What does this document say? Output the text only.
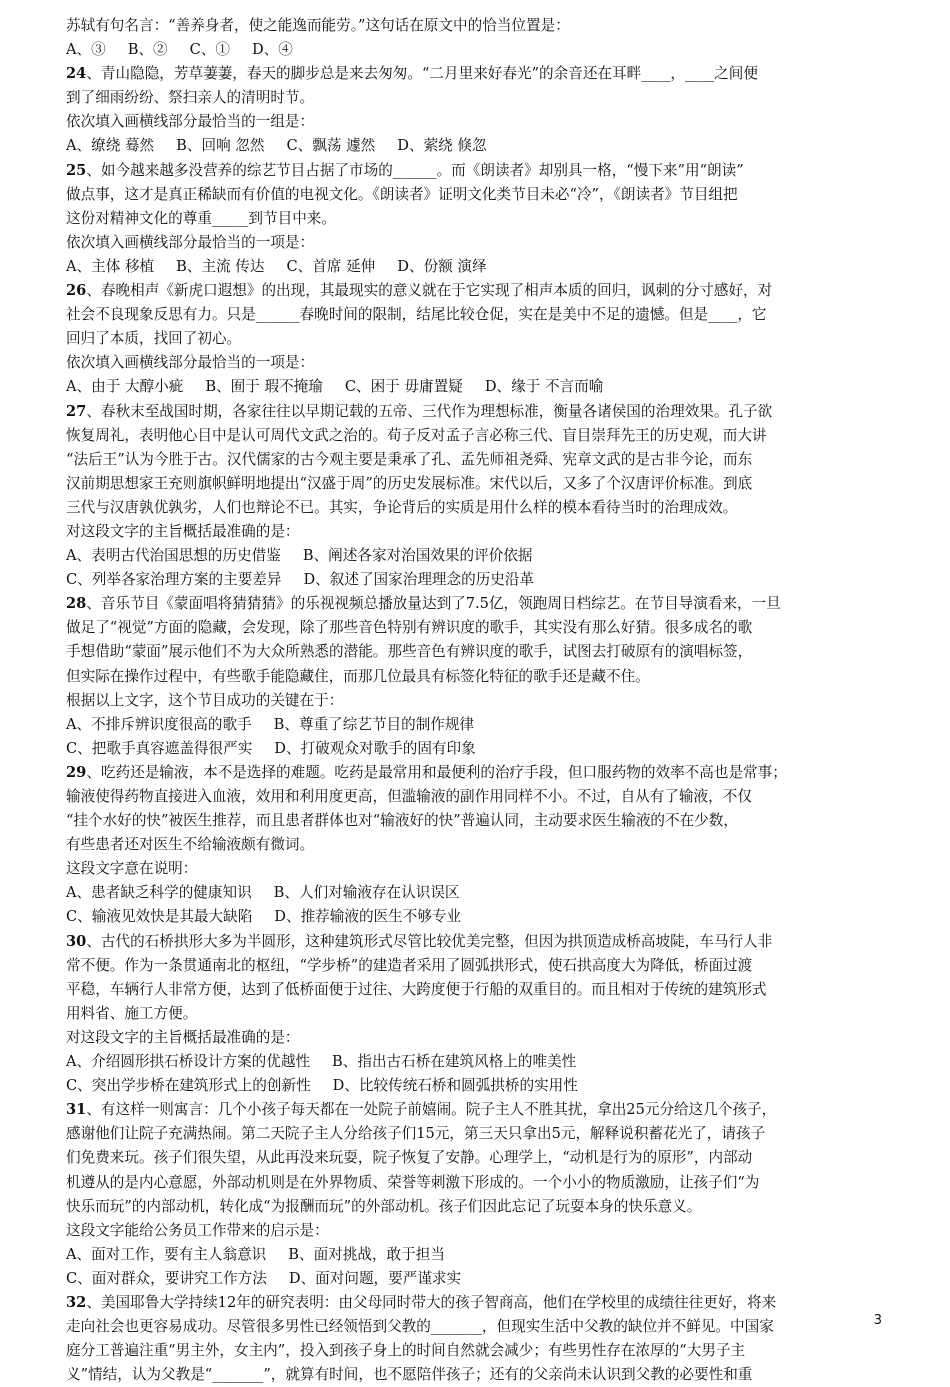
苏轼有句名言：“善养身者，使之能逸而能劳。”这句话在原文中的恰当位置是：
A、③ B、② C、① D、④
24、青山隐隐，芳草萋萋，春天的脚步总是来去匆匆。“二月里来好春光”的余音还在耳畔____，____之间便
到了细雨纷纷、祭扫亲人的清明时节。
依次填入画横线部分最恰当的一组是：
A、缭绕 蓦然 B、回响 忽然 C、飘荡 遽然 D、萦绕 倏忽
25、如今越来越多没营养的综艺节目占据了市场的______。而《朗读者》却别具一格，“慢下来”用“朗读”
做点事，这才是真正稀缺而有价值的电视文化。《朗读者》证明文化类节目未必“冷”，《朗读者》节目组把
这份对精神文化的尊重_____到节目中来。
依次填入画横线部分最恰当的一项是：
A、主体 移植 B、主流 传达 C、首席 延伸 D、份额 演绎
26、春晚相声《新虎口遐想》的出现，其最现实的意义就在于它实现了相声本质的回归，讽刺的分寸感好，对
社会不良现象反思有力。只是______春晚时间的限制，结尾比较仓促，实在是美中不足的遗憾。但是____，它
回归了本质，找回了初心。
依次填入画横线部分最恰当的一项是：
A、由于 大醇小疵 B、囿于 瑕不掩瑜 C、困于 毋庸置疑 D、缘于 不言而喻
27、春秋末至战国时期，各家往往以早期记载的五帝、三代作为理想标准，衡量各诸侯国的治理效果。孔子欲
恢复周礼，表明他心目中是认可周代文武之治的。荀子反对孟子言必称三代、盲目崇拜先王的历史观，而大讲
“法后王”认为今胜于古。汉代儒家的古今观主要是秉承了孔、孟先师祖尧舜、宪章文武的是古非今论，而东
汉前期思想家王充则旗帜鲜明地提出“汉盛于周”的历史发展标准。宋代以后，又多了个汉唐评价标准。到底
三代与汉唐孰优孰劣，人们也辩论不已。其实，争论背后的实质是用什么样的模本看待当时的治理成效。
对这段文字的主旨概括最准确的是：
A、表明古代治国思想的历史借鉴 B、阐述各家对治国效果的评价依据
C、列举各家治理方案的主要差异 D、叙述了国家治理理念的历史沿革
28、音乐节目《蒙面唱将猜猜猜》的乐视视频总播放量达到了7.5亿，领跑周日档综艺。在节目导演看来，一旦
做足了“视觉”方面的隐藏，会发现，除了那些音色特别有辨识度的歌手，其实没有那么好猜。很多成名的歌
手想借助“蒙面”展示他们不为大众所熟悉的潜能。那些音色有辨识度的歌手，试图去打破原有的演唱标签，
但实际在操作过程中，有些歌手能隐藏住，而那几位最具有标签化特征的歌手还是藏不住。
根据以上文字，这个节目成功的关键在于：
A、不排斥辨识度很高的歌手 B、尊重了综艺节目的制作规律
C、把歌手真容遮盖得很严实 D、打破观众对歌手的固有印象
29、吃药还是输液，本不是选择的难题。吃药是最常用和最便利的治疗手段，但口服药物的效率不高也是常事；
输液使得药物直接进入血液，效用和利用度更高，但滥输液的副作用同样不小。不过，自从有了输液，不仅
“挂个水好的快”被医生推荐，而且患者群体也对“输液好的快”普遍认同，主动要求医生输液的不在少数，
有些患者还对医生不给输液颇有微词。
这段文字意在说明：
A、患者缺乏科学的健康知识 B、人们对输液存在认识误区
C、输液见效快是其最大缺陷 D、推荐输液的医生不够专业
30、古代的石桥拱形大多为半圆形，这种建筑形式尽管比较优美完整，但因为拱顶造成桥高坡陡，车马行人非
常不便。作为一条贯通南北的枢纽，“学步桥”的建造者采用了圆弧拱形式，使石拱高度大为降低，桥面过渡
平稳，车辆行人非常方便，达到了低桥面便于过往、大跨度便于行船的双重目的。而且相对于传统的建筑形式
用料省、施工方便。
对这段文字的主旨概括最准确的是：
A、介绍圆形拱石桥设计方案的优越性 B、指出古石桥在建筑风格上的唯美性
C、突出学步桥在建筑形式上的创新性 D、比较传统石桥和圆弧拱桥的实用性
31、有这样一则寓言：几个小孩子每天都在一处院子前嬉闹。院子主人不胜其扰，拿出25元分给这几个孩子，
感谢他们让院子充满热闹。第二天院子主人分给孩子们15元，第三天只拿出5元，解释说积蓄花光了，请孩子
们免费来玩。孩子们很失望，从此再没来玩耍，院子恢复了安静。心理学上，“动机是行为的原形”，内部动
机遵从的是内心意愿，外部动机则是在外界物质、荣誉等刺激下形成的。一个小小的物质激励，让孩子们“为
快乐而玩”的内部动机，转化成“为报酬而玩”的外部动机。孩子们因此忘记了玩耍本身的快乐意义。
这段文字能给公务员工作带来的启示是：
A、面对工作，要有主人翁意识 B、面对挑战，敢于担当
C、面对群众，要讲究工作方法 D、面对问题，要严谨求实
32、美国耶鲁大学持续12年的研究表明：由父母同时带大的孩子智商高，他们在学校里的成绩往往更好，将来
走向社会也更容易成功。尽管很多男性已经领悟到父教的_______，但现实生活中父教的缺位并不鲜见。中国家
庭分工普遍注重“男主外，女主内”，投入到孩子身上的时间自然就会减少；有些男性存在浓厚的“大男子主
义”情结，认为父教是“_______”，就算有时间，也不愿陪伴孩子；还有的父亲尚未认识到父教的必要性和重
3
